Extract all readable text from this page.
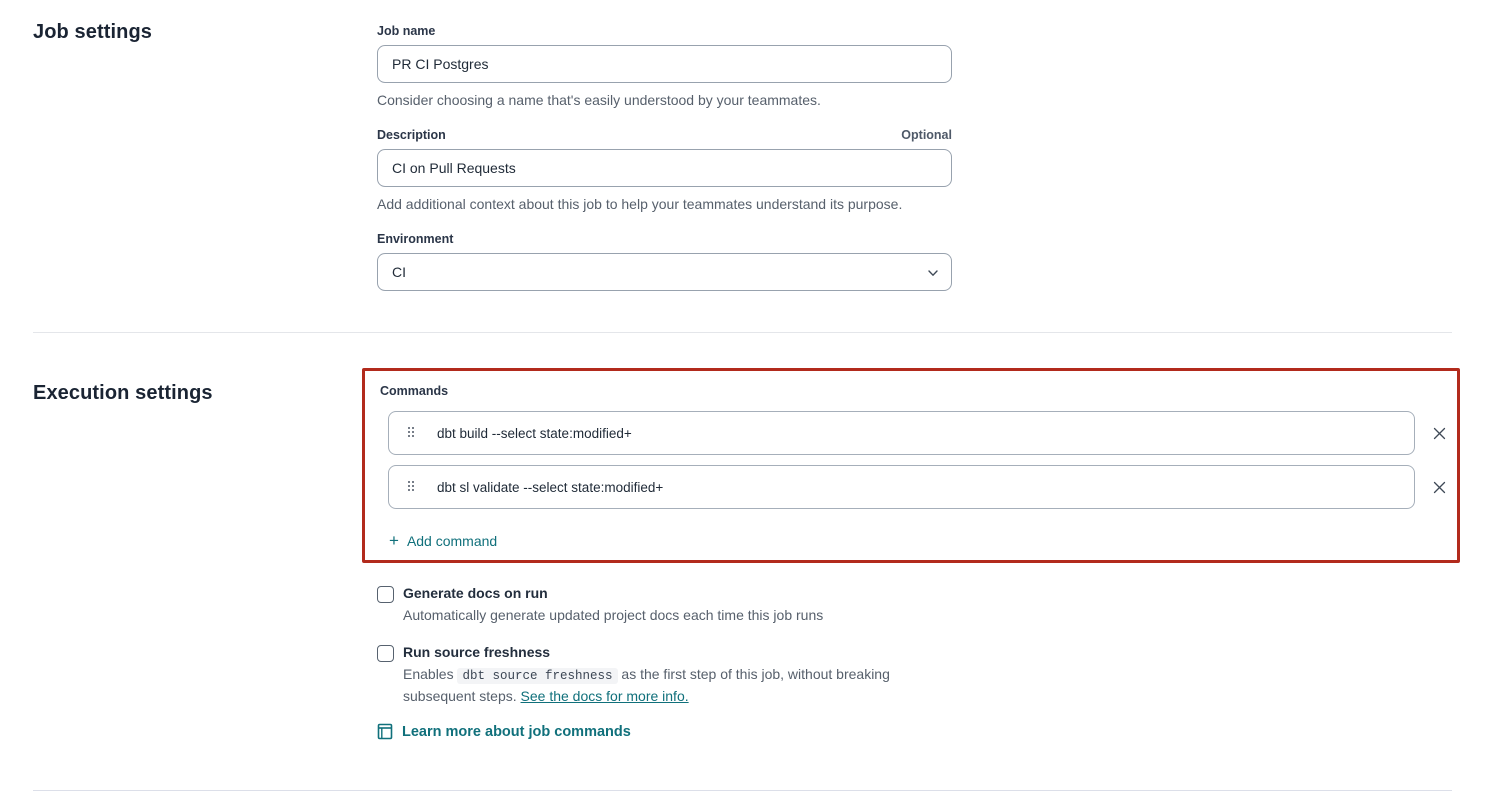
Job settings	Job name
PR CI Postgres
Consider choosing a name that's easily understood by your teammates.
Description	Optional
CI on Pull Requests
Add additional context about this job to help your teammates understand its purpose.
Environment
CI
Execution settings	Commands
dbt build --select state:modified+
dbt sl validate --select state:modified+
+ Add command
Generate docs on run
Automatically generate updated project docs each time this job runs
Run source freshness
Enables dbt source freshness as the first step of this job, without breaking subsequent steps. See the docs for more info.
Learn more about job commands
